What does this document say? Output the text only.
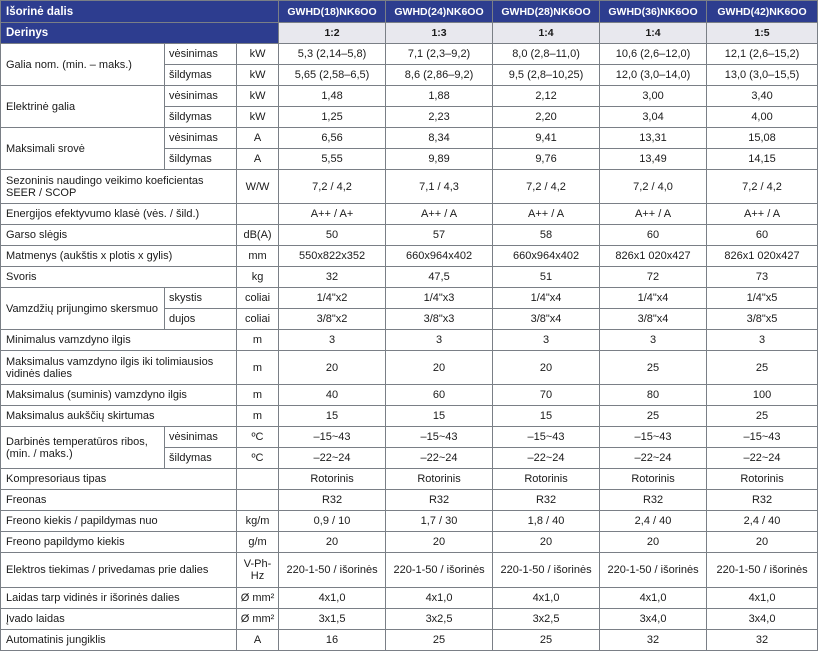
Išorinė dalis			GWHD(18)NK6OO	GWHD(24)NK6OO	GWHD(28)NK6OO	GWHD(36)NK6OO	GWHD(42)NK6OO
Derinys			1:2	1:3	1:4	1:4	1:5
Galia nom. (min. – maks.)	vėsinimas	kW	5,3 (2,14–5,8)	7,1 (2,3–9,2)	8,0 (2,8–11,0)	10,6 (2,6–12,0)	12,1 (2,6–15,2)
	šildymas	kW	5,65 (2,58–6,5)	8,6 (2,86–9,2)	9,5 (2,8–10,25)	12,0 (3,0–14,0)	13,0 (3,0–15,5)
Elektrinė galia	vėsinimas	kW	1,48	1,88	2,12	3,00	3,40
	šildymas	kW	1,25	2,23	2,20	3,04	4,00
Maksimali srovė	vėsinimas	A	6,56	8,34	9,41	13,31	15,08
	šildymas	A	5,55	9,89	9,76	13,49	14,15
Sezoninis naudingo veikimo koeficientas SEER / SCOP		W/W	7,2 / 4,2	7,1 / 4,3	7,2 / 4,2	7,2 / 4,0	7,2 / 4,2
Energijos efektyvumo klasė (vės. / šild.)			A++ / A+	A++ / A	A++ / A	A++ / A	A++ / A
Garso slėgis		dB(A)	50	57	58	60	60
Matmenys (aukštis x plotis x gylis)		mm	550x822x352	660x964x402	660x964x402	826x1 020x427	826x1 020x427
Svoris		kg	32	47,5	51	72	73
Vamzdžių prijungimo skersmuo	skystis	coliai	1/4"x2	1/4"x3	1/4"x4	1/4"x4	1/4"x5
	dujos	coliai	3/8"x2	3/8"x3	3/8"x4	3/8"x4	3/8"x5
Minimalus vamzdyno ilgis		m	3	3	3	3	3
Maksimalus vamzdyno ilgis iki tolimiausios vidinės dalies		m	20	20	20	25	25
Maksimalus (suminis) vamzdyno ilgis		m	40	60	70	80	100
Maksimalus aukščių skirtumas		m	15	15	15	25	25
Darbinės temperatūros ribos, (min. / maks.)	vėsinimas	ºC	–15~43	–15~43	–15~43	–15~43	–15~43
	šildymas	ºC	–22~24	–22~24	–22~24	–22~24	–22~24
Kompresoriaus tipas			Rotorinis	Rotorinis	Rotorinis	Rotorinis	Rotorinis
Freonas			R32	R32	R32	R32	R32
Freono kiekis / papildymas nuo		kg/m	0,9 / 10	1,7 / 30	1,8 / 40	2,4 / 40	2,4 / 40
Freono papildymo kiekis		g/m	20	20	20	20	20
Elektros tiekimas / privedamas prie dalies		V-Ph-Hz	220-1-50 / išorinės	220-1-50 / išorinės	220-1-50 / išorinės	220-1-50 / išorinės	220-1-50 / išorinės
Laidas tarp vidinės ir išorinės dalies		Ø mm²	4x1,0	4x1,0	4x1,0	4x1,0	4x1,0
Įvado laidas		Ø mm²	3x1,5	3x2,5	3x2,5	3x4,0	3x4,0
Automatinis jungiklis		A	16	25	25	32	32
